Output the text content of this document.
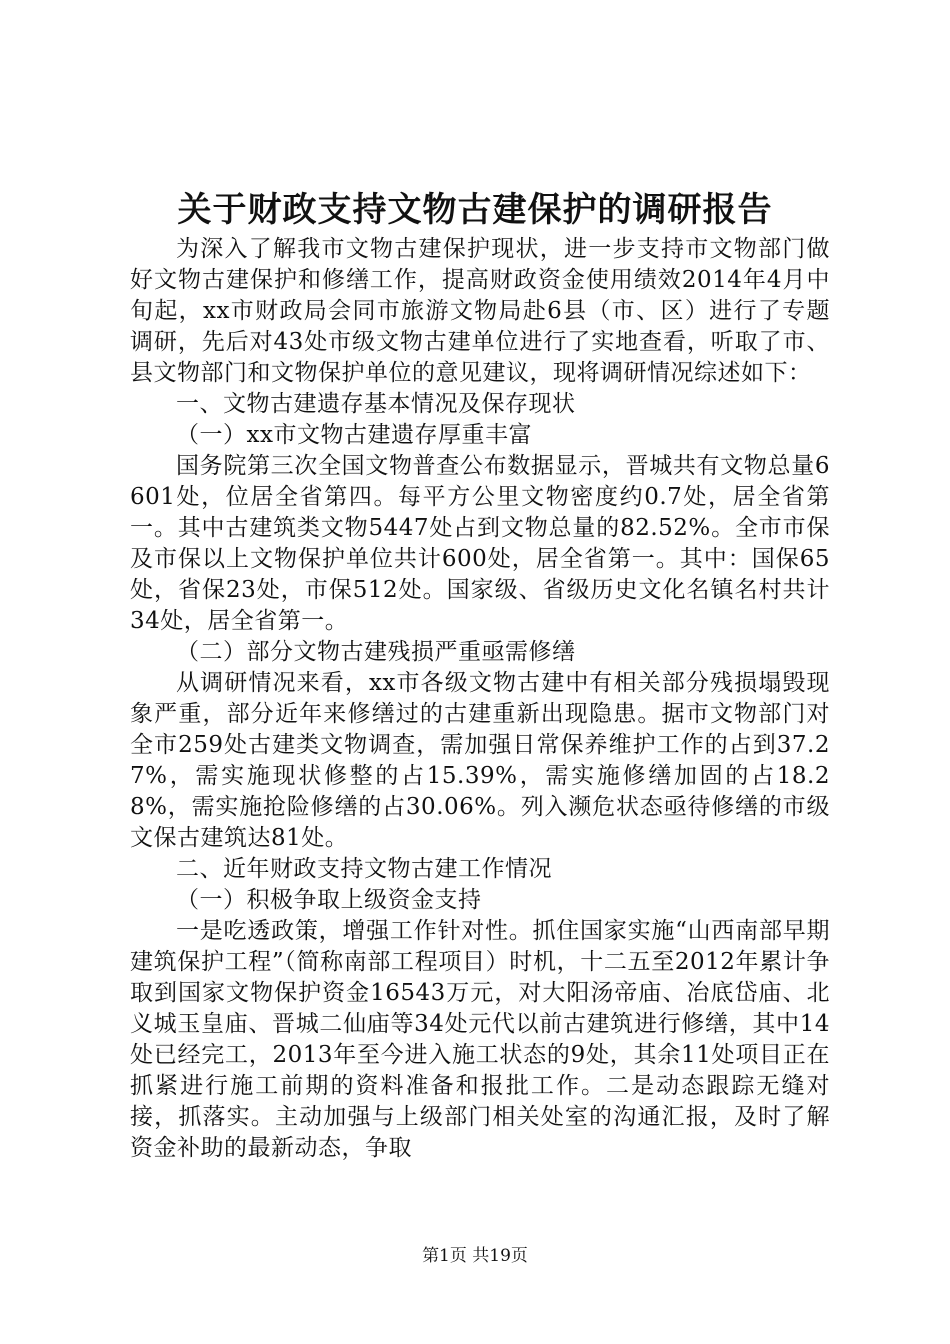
关于财政支持文物古建保护的调研报告

为深入了解我市文物古建保护现状，进一步支持市文物部门做好文物古建保护和修缮工作，提高财政资金使用绩效2014年4月中旬起，xx市财政局会同市旅游文物局赴6县（市、区）进行了专题调研，先后对43处市级文物古建单位进行了实地查看，听取了市、县文物部门和文物保护单位的意见建议，现将调研情况综述如下：

一、文物古建遗存基本情况及保存现状

（一）xx市文物古建遗存厚重丰富

国务院第三次全国文物普查公布数据显示，晋城共有文物总量6601处，位居全省第四。每平方公里文物密度约0.7处，居全省第一。其中古建筑类文物5447处占到文物总量的82.52%。全市市保及市保以上文物保护单位共计600处，居全省第一。其中：国保65处，省保23处，市保512处。国家级、省级历史文化名镇名村共计34处，居全省第一。

（二）部分文物古建残损严重亟需修缮

从调研情况来看，xx市各级文物古建中有相关部分残损塌毁现象严重，部分近年来修缮过的古建重新出现隐患。据市文物部门对全市259处古建类文物调查，需加强日常保养维护工作的占到37.27%，需实施现状修整的占15.39%，需实施修缮加固的占18.28%，需实施抢险修缮的占30.06%。列入濒危状态亟待修缮的市级文保古建筑达81处。

二、近年财政支持文物古建工作情况

（一）积极争取上级资金支持

一是吃透政策，增强工作针对性。抓住国家实施“山西南部早期建筑保护工程”（简称南部工程项目）时机，十二五至2012年累计争取到国家文物保护资金16543万元，对大阳汤帝庙、冶底岱庙、北义城玉皇庙、晋城二仙庙等34处元代以前古建筑进行修缮，其中14处已经完工，2013年至今进入施工状态的9处，其余11处项目正在抓紧进行施工前期的资料准备和报批工作。二是动态跟踪无缝对接，抓落实。主动加强与上级部门相关处室的沟通汇报，及时了解资金补助的最新动态，争取

第1页 共19页
